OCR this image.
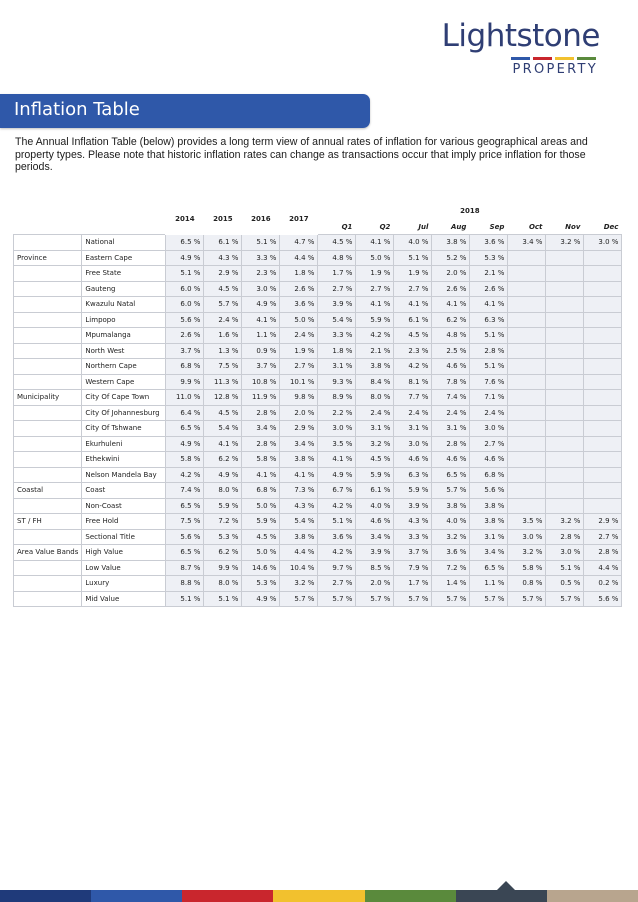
Lightstone
PROPERTY
Inflation Table

The Annual Inflation Table (below) provides a long term view of annual rates of inflation for various geographical areas and property types. Please note that historic inflation rates can change as transactions occur that imply price inflation for those periods.

		2014	2015	2016	2017	2018							
						Q1	Q2	Jul	Aug	Sep	Oct	Nov	Dec
	National	6.5 %	6.1 %	5.1 %	4.7 %	4.5 %	4.1 %	4.0 %	3.8 %	3.6 %	3.4 %	3.2 %	3.0 %
Province	Eastern Cape	4.9 %	4.3 %	3.3 %	4.4 %	4.8 %	5.0 %	5.1 %	5.2 %	5.3 %			
	Free State	5.1 %	2.9 %	2.3 %	1.8 %	1.7 %	1.9 %	1.9 %	2.0 %	2.1 %			
	Gauteng	6.0 %	4.5 %	3.0 %	2.6 %	2.7 %	2.7 %	2.7 %	2.6 %	2.6 %			
	Kwazulu Natal	6.0 %	5.7 %	4.9 %	3.6 %	3.9 %	4.1 %	4.1 %	4.1 %	4.1 %			
	Limpopo	5.6 %	2.4 %	4.1 %	5.0 %	5.4 %	5.9 %	6.1 %	6.2 %	6.3 %			
	Mpumalanga	2.6 %	1.6 %	1.1 %	2.4 %	3.3 %	4.2 %	4.5 %	4.8 %	5.1 %			
	North West	3.7 %	1.3 %	0.9 %	1.9 %	1.8 %	2.1 %	2.3 %	2.5 %	2.8 %			
	Northern Cape	6.8 %	7.5 %	3.7 %	2.7 %	3.1 %	3.8 %	4.2 %	4.6 %	5.1 %			
	Western Cape	9.9 %	11.3 %	10.8 %	10.1 %	9.3 %	8.4 %	8.1 %	7.8 %	7.6 %			
Municipality	City Of Cape Town	11.0 %	12.8 %	11.9 %	9.8 %	8.9 %	8.0 %	7.7 %	7.4 %	7.1 %			
	City Of Johannesburg	6.4 %	4.5 %	2.8 %	2.0 %	2.2 %	2.4 %	2.4 %	2.4 %	2.4 %			
	City Of Tshwane	6.5 %	5.4 %	3.4 %	2.9 %	3.0 %	3.1 %	3.1 %	3.1 %	3.0 %			
	Ekurhuleni	4.9 %	4.1 %	2.8 %	3.4 %	3.5 %	3.2 %	3.0 %	2.8 %	2.7 %			
	Ethekwini	5.8 %	6.2 %	5.8 %	3.8 %	4.1 %	4.5 %	4.6 %	4.6 %	4.6 %			
	Nelson Mandela Bay	4.2 %	4.9 %	4.1 %	4.1 %	4.9 %	5.9 %	6.3 %	6.5 %	6.8 %			
Coastal	Coast	7.4 %	8.0 %	6.8 %	7.3 %	6.7 %	6.1 %	5.9 %	5.7 %	5.6 %			
	Non-Coast	6.5 %	5.9 %	5.0 %	4.3 %	4.2 %	4.0 %	3.9 %	3.8 %	3.8 %			
ST / FH	Free Hold	7.5 %	7.2 %	5.9 %	5.4 %	5.1 %	4.6 %	4.3 %	4.0 %	3.8 %	3.5 %	3.2 %	2.9 %
	Sectional Title	5.6 %	5.3 %	4.5 %	3.8 %	3.6 %	3.4 %	3.3 %	3.2 %	3.1 %	3.0 %	2.8 %	2.7 %
Area Value Bands	High Value	6.5 %	6.2 %	5.0 %	4.4 %	4.2 %	3.9 %	3.7 %	3.6 %	3.4 %	3.2 %	3.0 %	2.8 %
	Low Value	8.7 %	9.9 %	14.6 %	10.4 %	9.7 %	8.5 %	7.9 %	7.2 %	6.5 %	5.8 %	5.1 %	4.4 %
	Luxury	8.8 %	8.0 %	5.3 %	3.2 %	2.7 %	2.0 %	1.7 %	1.4 %	1.1 %	0.8 %	0.5 %	0.2 %
	Mid Value	5.1 %	5.1 %	4.9 %	5.7 %	5.7 %	5.7 %	5.7 %	5.7 %	5.7 %	5.7 %	5.7 %	5.6 %
